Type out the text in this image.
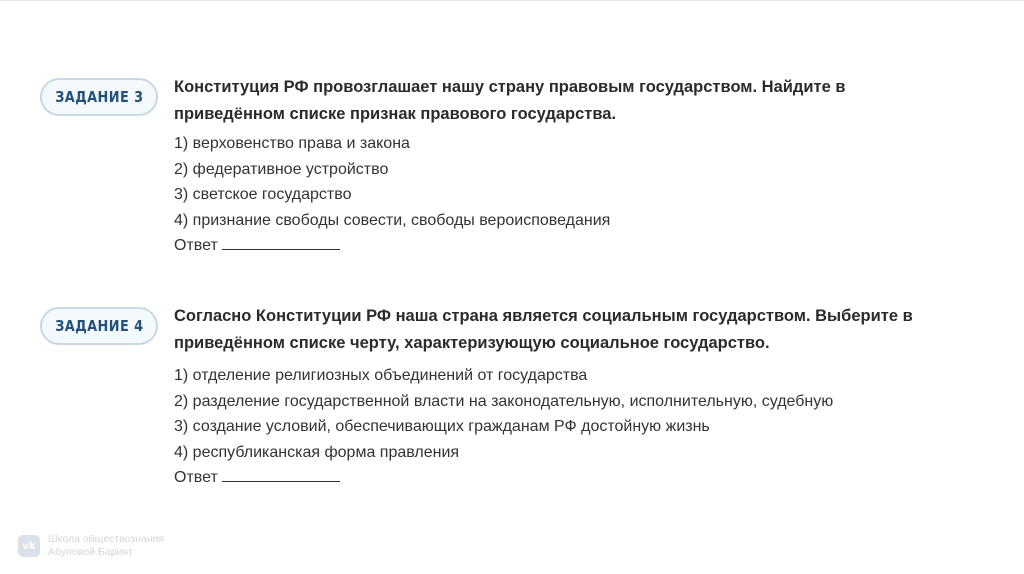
ЗАДАНИЕ 3

Конституция РФ провозглашает нашу страну правовым государством. Найдите в приведённом списке признак правового государства.

1) верховенство права и закона
2) федеративное устройство
3) светское государство
4) признание свободы совести, свободы вероисповедания
Ответ
ЗАДАНИЕ 4

Согласно Конституции РФ наша страна является социальным государством. Выберите в приведённом списке черту, характеризующую социальное государство.

1) отделение религиозных объединений от государства
2) разделение государственной власти на законодательную, исполнительную, судебную
3) создание условий, обеспечивающих гражданам РФ достойную жизнь
4) республиканская форма правления
Ответ
vk
Школа обществознания
Абуловой Барият
